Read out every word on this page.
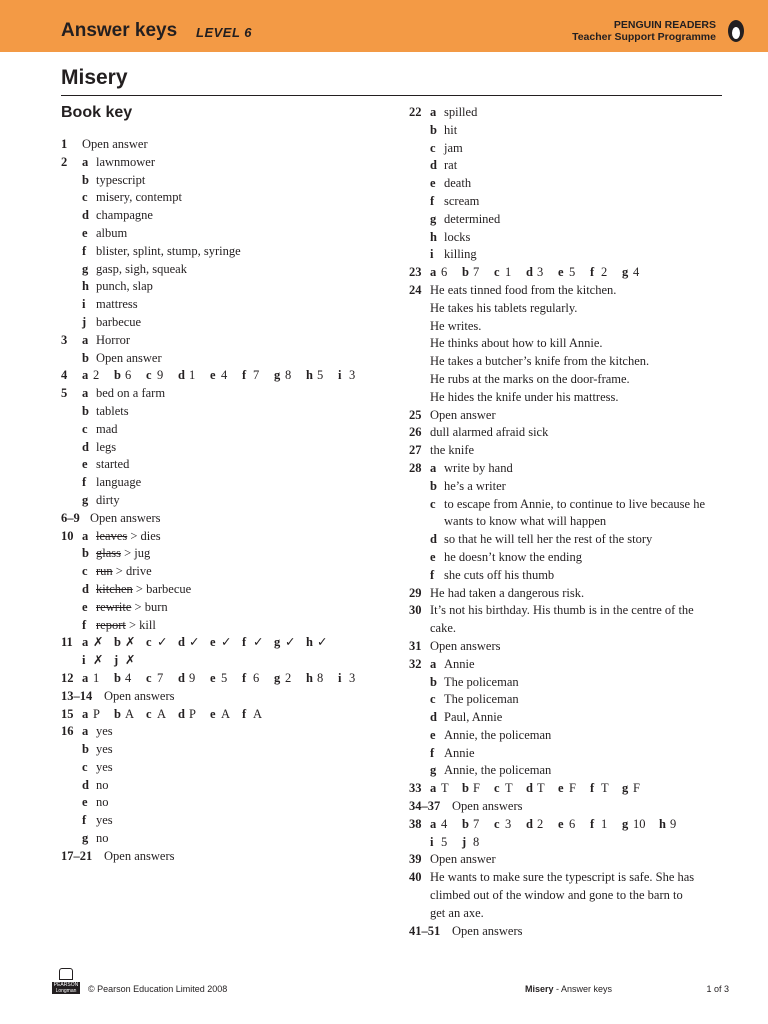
Answer keys LEVEL 6	PENGUIN READERS
Teacher Support Programme
Misery
Book key
1 Open answer
2 a lawnmower
b typescript
c misery, contempt
d champagne
e album
f blister, splint, stump, syringe
g gasp, sigh, squeak
h punch, slap
i mattress
j barbecue
3 a Horror
b Open answer
4 a 2 b 6 c 9 d 1 e 4 f 7 g 8 h 5 i 3
5 a bed on a farm
b tablets
c mad
d legs
e started
f language
g dirty
6–9 Open answers
10 a leaves > dies
b glass > jug
c run > drive
d kitchen > barbecue
e rewrite > burn
f report > kill
11 a ✗ b ✗ c ✓ d ✓ e ✓ f ✓ g ✓ h ✓
i ✗ j ✗
12 a 1 b 4 c 7 d 9 e 5 f 6 g 2 h 8 i 3
13–14 Open answers
15 a P b A c A d P e A f A
16 a yes
b yes
c yes
d no
e no
f yes
g no
17–21 Open answers
22 a spilled
b hit
c jam
d rat
e death
f scream
g determined
h locks
i killing
23 a 6 b 7 c 1 d 3 e 5 f 2 g 4
24 He eats tinned food from the kitchen.
He takes his tablets regularly.
He writes.
He thinks about how to kill Annie.
He takes a butcher’s knife from the kitchen.
He rubs at the marks on the door-frame.
He hides the knife under his mattress.
25 Open answer
26 dull alarmed afraid sick
27 the knife
28 a write by hand
b he’s a writer
c to escape from Annie, to continue to live because he
wants to know what will happen
d so that he will tell her the rest of the story
e he doesn’t know the ending
f she cuts off his thumb
29 He had taken a dangerous risk.
30 It’s not his birthday. His thumb is in the centre of the
cake.
31 Open answers
32 a Annie
b The policeman
c The policeman
d Paul, Annie
e Annie, the policeman
f Annie
g Annie, the policeman
33 a T b F c T d T e F f T g F
34–37 Open answers
38 a 4 b 7 c 3 d 2 e 6 f 1 g 10 h 9
i 5 j 8
39 Open answer
40 He wants to make sure the typescript is safe. She has
climbed out of the window and gone to the barn to
get an axe.
41–51 Open answers
PEARSON Longman	© Pearson Education Limited 2008	Misery - Answer keys	1 of 3
